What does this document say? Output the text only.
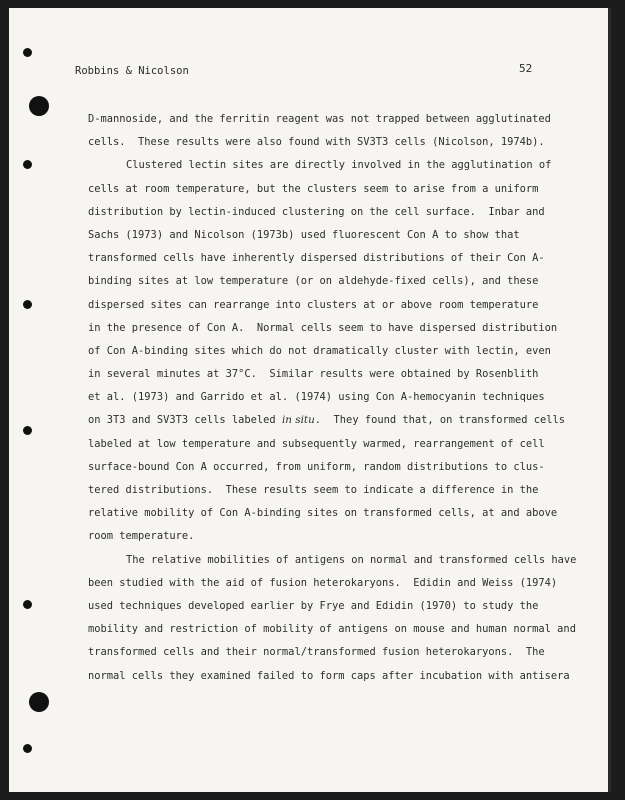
Robbins & Nicolson	52
D-mannoside, and the ferritin reagent was not trapped between agglutinated
cells.  These results were also found with SV3T3 cells (Nicolson, 1974b).
Clustered lectin sites are directly involved in the agglutination of
cells at room temperature, but the clusters seem to arise from a uniform
distribution by lectin-induced clustering on the cell surface.  Inbar and
Sachs (1973) and Nicolson (1973b) used fluorescent Con A to show that
transformed cells have inherently dispersed distributions of their Con A-
binding sites at low temperature (or on aldehyde-fixed cells), and these
dispersed sites can rearrange into clusters at or above room temperature
in the presence of Con A.  Normal cells seem to have dispersed distribution
of Con A-binding sites which do not dramatically cluster with lectin, even
in several minutes at 37°C.  Similar results were obtained by Rosenblith
et al. (1973) and Garrido et al. (1974) using Con A-hemocyanin techniques
on 3T3 and SV3T3 cells labeled in situ.  They found that, on transformed cells
labeled at low temperature and subsequently warmed, rearrangement of cell
surface-bound Con A occurred, from uniform, random distributions to clus-
tered distributions.  These results seem to indicate a difference in the
relative mobility of Con A-binding sites on transformed cells, at and above
room temperature.
The relative mobilities of antigens on normal and transformed cells have
been studied with the aid of fusion heterokaryons.  Edidin and Weiss (1974)
used techniques developed earlier by Frye and Edidin (1970) to study the
mobility and restriction of mobility of antigens on mouse and human normal and
transformed cells and their normal/transformed fusion heterokaryons.  The
normal cells they examined failed to form caps after incubation with antisera
